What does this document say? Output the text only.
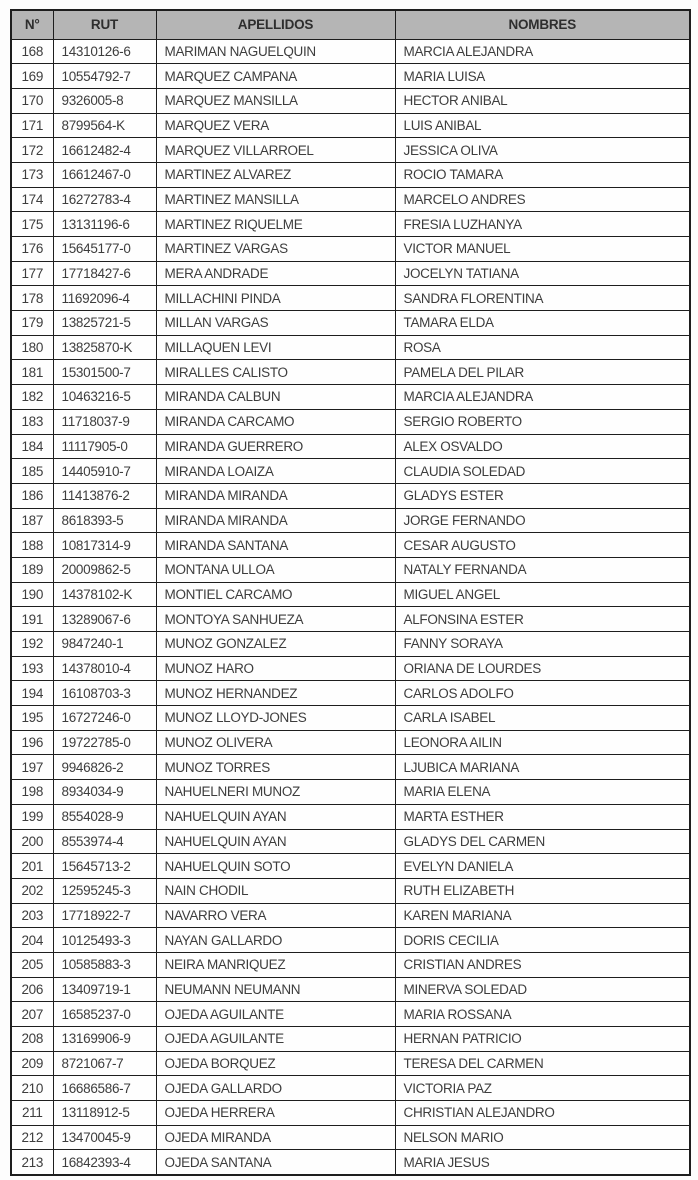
N°	RUT	APELLIDOS	NOMBRES
168	14310126-6	MARIMAN NAGUELQUIN	MARCIA ALEJANDRA
169	10554792-7	MARQUEZ CAMPANA	MARIA LUISA
170	9326005-8	MARQUEZ MANSILLA	HECTOR ANIBAL
171	8799564-K	MARQUEZ VERA	LUIS ANIBAL
172	16612482-4	MARQUEZ VILLARROEL	JESSICA OLIVA
173	16612467-0	MARTINEZ ALVAREZ	ROCIO TAMARA
174	16272783-4	MARTINEZ MANSILLA	MARCELO ANDRES
175	13131196-6	MARTINEZ RIQUELME	FRESIA LUZHANYA
176	15645177-0	MARTINEZ VARGAS	VICTOR MANUEL
177	17718427-6	MERA ANDRADE	JOCELYN TATIANA
178	11692096-4	MILLACHINI PINDA	SANDRA FLORENTINA
179	13825721-5	MILLAN VARGAS	TAMARA ELDA
180	13825870-K	MILLAQUEN LEVI	ROSA
181	15301500-7	MIRALLES CALISTO	PAMELA DEL PILAR
182	10463216-5	MIRANDA CALBUN	MARCIA ALEJANDRA
183	11718037-9	MIRANDA CARCAMO	SERGIO ROBERTO
184	11117905-0	MIRANDA GUERRERO	ALEX OSVALDO
185	14405910-7	MIRANDA LOAIZA	CLAUDIA SOLEDAD
186	11413876-2	MIRANDA MIRANDA	GLADYS ESTER
187	8618393-5	MIRANDA MIRANDA	JORGE FERNANDO
188	10817314-9	MIRANDA SANTANA	CESAR AUGUSTO
189	20009862-5	MONTANA ULLOA	NATALY FERNANDA
190	14378102-K	MONTIEL CARCAMO	MIGUEL ANGEL
191	13289067-6	MONTOYA SANHUEZA	ALFONSINA ESTER
192	9847240-1	MUNOZ GONZALEZ	FANNY SORAYA
193	14378010-4	MUNOZ HARO	ORIANA DE LOURDES
194	16108703-3	MUNOZ HERNANDEZ	CARLOS ADOLFO
195	16727246-0	MUNOZ LLOYD-JONES	CARLA ISABEL
196	19722785-0	MUNOZ OLIVERA	LEONORA AILIN
197	9946826-2	MUNOZ TORRES	LJUBICA MARIANA
198	8934034-9	NAHUELNERI MUNOZ	MARIA ELENA
199	8554028-9	NAHUELQUIN AYAN	MARTA ESTHER
200	8553974-4	NAHUELQUIN AYAN	GLADYS DEL CARMEN
201	15645713-2	NAHUELQUIN SOTO	EVELYN DANIELA
202	12595245-3	NAIN CHODIL	RUTH ELIZABETH
203	17718922-7	NAVARRO VERA	KAREN MARIANA
204	10125493-3	NAYAN GALLARDO	DORIS CECILIA
205	10585883-3	NEIRA MANRIQUEZ	CRISTIAN ANDRES
206	13409719-1	NEUMANN NEUMANN	MINERVA SOLEDAD
207	16585237-0	OJEDA AGUILANTE	MARIA ROSSANA
208	13169906-9	OJEDA AGUILANTE	HERNAN PATRICIO
209	8721067-7	OJEDA BORQUEZ	TERESA DEL CARMEN
210	16686586-7	OJEDA GALLARDO	VICTORIA PAZ
211	13118912-5	OJEDA HERRERA	CHRISTIAN ALEJANDRO
212	13470045-9	OJEDA MIRANDA	NELSON MARIO
213	16842393-4	OJEDA SANTANA	MARIA JESUS
